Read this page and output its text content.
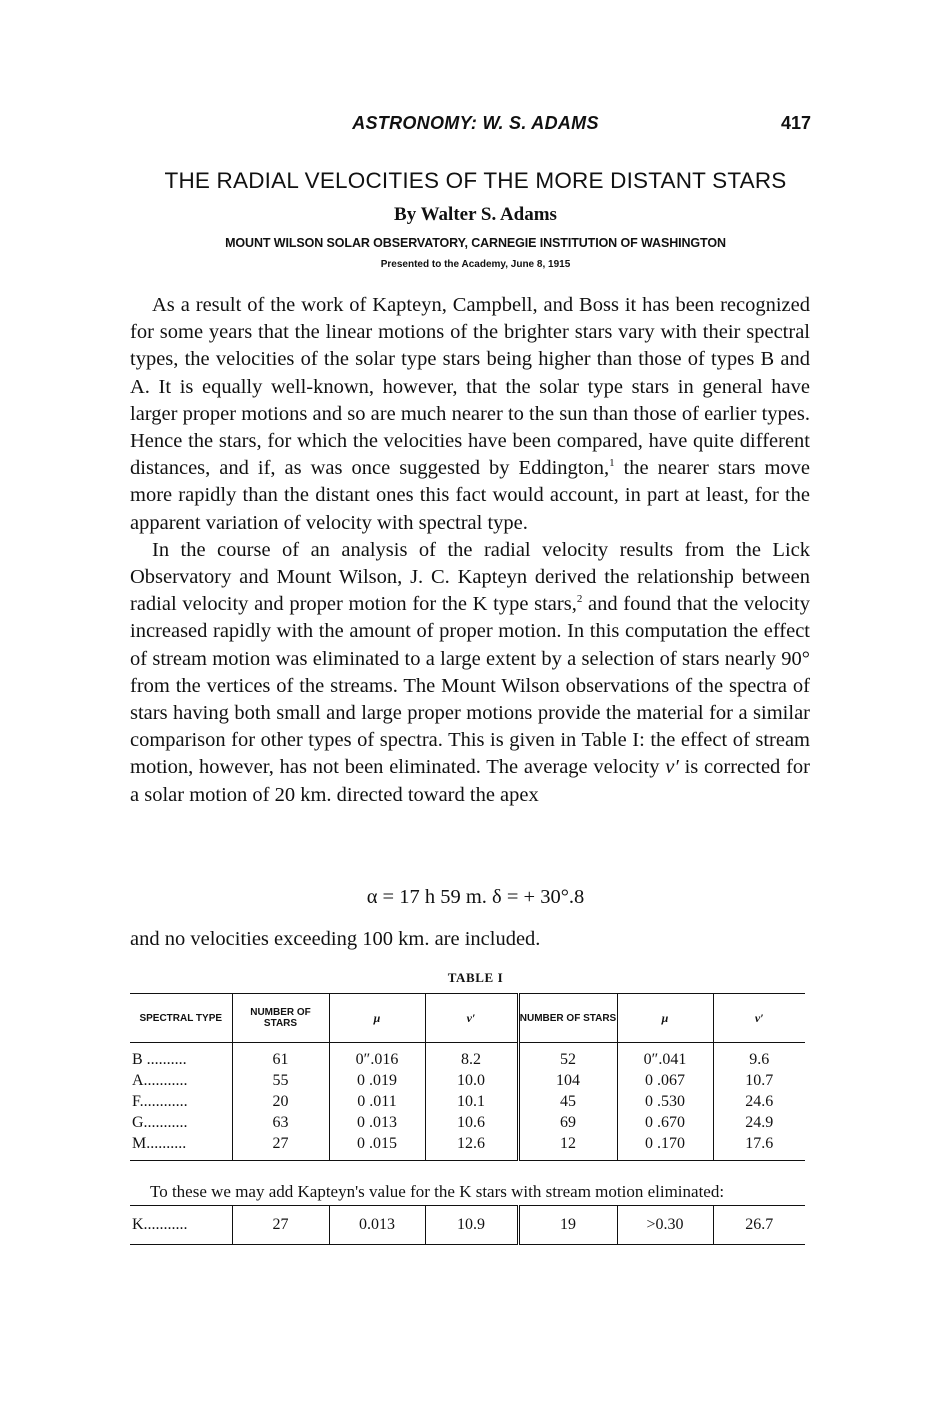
ASTRONOMY: W. S. ADAMS	417
THE RADIAL VELOCITIES OF THE MORE DISTANT STARS
By Walter S. Adams
MOUNT WILSON SOLAR OBSERVATORY, CARNEGIE INSTITUTION OF WASHINGTON
Presented to the Academy, June 8, 1915

As a result of the work of Kapteyn, Campbell, and Boss it has been recognized for some years that the linear motions of the brighter stars vary with their spectral types, the velocities of the solar type stars being higher than those of types B and A. It is equally well-known, however, that the solar type stars in general have larger proper motions and so are much nearer to the sun than those of earlier types. Hence the stars, for which the velocities have been compared, have quite different distances, and if, as was once suggested by Eddington,$^1$ the nearer stars move more rapidly than the distant ones this fact would account, in part at least, for the apparent variation of velocity with spectral type.

In the course of an analysis of the radial velocity results from the Lick Observatory and Mount Wilson, J. C. Kapteyn derived the relationship between radial velocity and proper motion for the K type stars,$^2$ and found that the velocity increased rapidly with the amount of proper motion. In this computation the effect of stream motion was eliminated to a large extent by a selection of stars nearly 90° from the vertices of the streams. The Mount Wilson observations of the spectra of stars having both small and large proper motions provide the material for a similar comparison for other types of spectra. This is given in Table I: the effect of stream motion, however, has not been eliminated. The average velocity v′ is corrected for a solar motion of 20 km. directed toward the apex

α = 17 h 59 m. δ = + 30°.8
and no velocities exceeding 100 km. are included.
TABLE I
SPECTRAL TYPE	NUMBER OF STARS	μ	v′	NUMBER OF STARS	μ	v′
B ..........	61	0″.016	8.2	52	0″.041	9.6
A...........	55	0 .019	10.0	104	0 .067	10.7
F............	20	0 .011	10.1	45	0 .530	24.6
G...........	63	0 .013	10.6	69	0 .670	24.9
M..........	27	0 .015	12.6	12	0 .170	17.6
To these we may add Kapteyn's value for the K stars with stream motion eliminated:
K...........	27	0.013	10.9	19	>0.30	26.7
